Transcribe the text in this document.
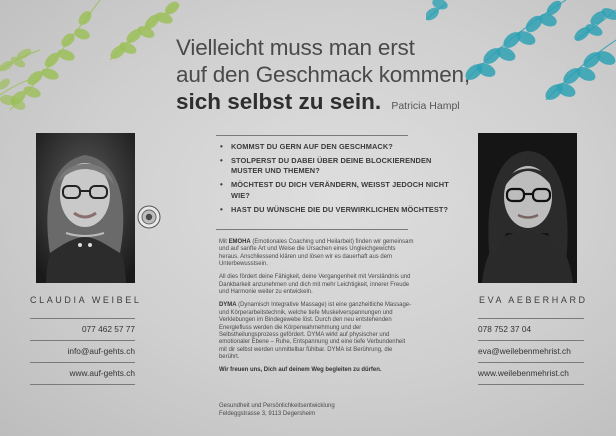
Vielleicht muss man erst
auf den Geschmack kommen,
sich selbst zu sein. Patricia Hampl
CLAUDIA WEIBEL	EVA AEBERHARD
077 462 57 77
info@auf-gehts.ch
www.auf-gehts.ch
078 752 37 04
eva@weilebenmehrist.ch
www.weilebenmehrist.ch
• KOMMST DU GERN AUF DEN GESCHMACK?
• STOLPERST DU DABEI ÜBER DEINE BLOCKIERENDEN MUSTER UND THEMEN?
• MÖCHTEST DU DICH VERÄNDERN, WEISST JEDOCH NICHT WIE?
• HAST DU WÜNSCHE DIE DU VERWIRKLICHEN MÖCHTEST?

Mit EMOHA (Emotionales Coaching und Heilarbeit) finden wir gemeinsam und auf sanfte Art und Weise die Ursachen eines Ungleichgewichts heraus. Anschliessend klären und lösen wir es dauerhaft aus dem Unterbewusstsein.

All dies fördert deine Fähigkeit, deine Vergangenheit mit Verständnis und Dankbarkeit anzunehmen und dich mit mehr Leichtigkeit, innerer Freude und Harmonie weiter zu entwickeln.

DYMA (Dynamisch Integrative Massage) ist eine ganzheitliche Massage- und Körperarbeitstechnik, welche tiefe Muskelverspannungen und Verklebungen im Bindegewebe löst. Durch den neu entstehenden Energiefluss werden die Körperwahrnehmung und der Selbstheilungsprozess gefördert. DYMA wirkt auf physischer und emotionaler Ebene – Ruhe, Entspannung und eine tiefe Verbundenheit mit dir selbst werden unmittelbar fühlbar. DYMA ist Berührung, die berührt.

Wir freuen uns, Dich auf deinem Weg begleiten zu dürfen.

Gesundheit und Persönlichkeitsentwicklung
Feldeggstrasse 3, 9113 Degersheim
